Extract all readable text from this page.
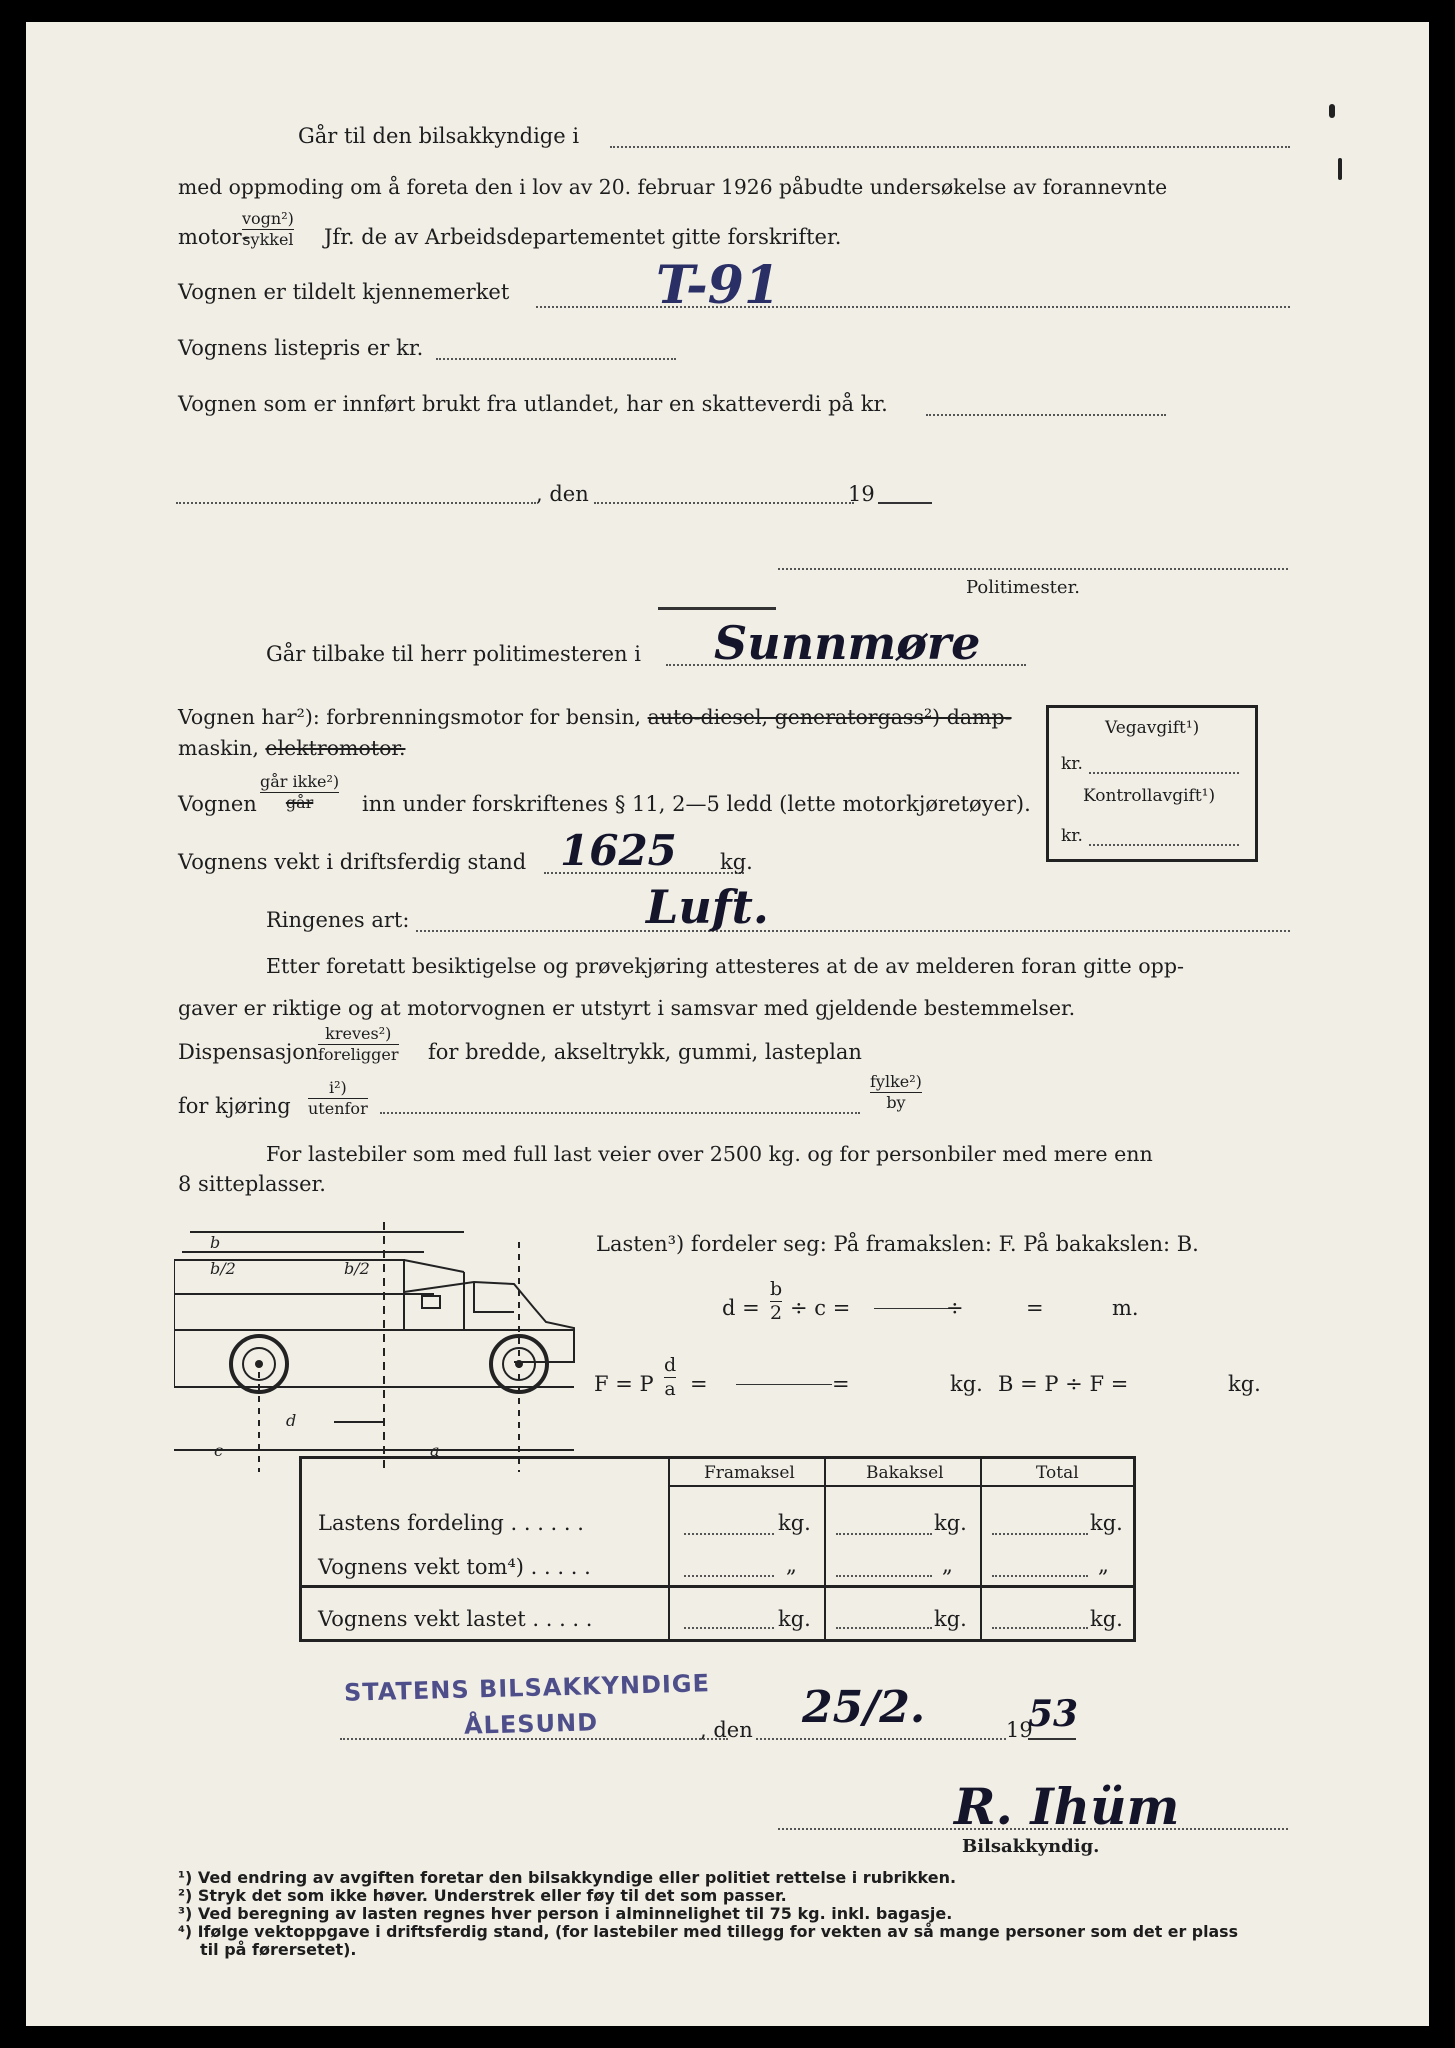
Går til den bilsakkyndige i
med oppmoding om å foreta den i lov av 20. februar 1926 påbudte undersøkelse av forannevnte
motor-
vogn²)
sykkel Jfr. de av Arbeidsdepartementet gitte forskrifter.
Vognen er tildelt kjennemerket	T-91
Vognens listepris er kr.
Vognen som er innført brukt fra utlandet, har en skatteverdi på kr.
, den	19
Politimester.
Går tilbake til herr politimesteren i Sunnmøre
Vognen har²): forbrenningsmotor for bensin, auto-diesel, generatorgass²) damp-
maskin, elektromotor.
Vognen
går ikke²)
går	inn under forskriftenes § 11, 2—5 ledd (lette motorkjøretøyer).
Vognens vekt i driftsferdig stand 1625 kg.
Ringenes art:	Luft.
Etter foretatt besiktigelse og prøvekjøring attesteres at de av melderen foran gitte opp-
gaver er riktige og at motorvognen er utstyrt i samsvar med gjeldende bestemmelser.
Dispensasjon
kreves²)
foreligger for bredde, akseltrykk, gummi, lasteplan
for kjøring
i²)
utenfor
fylke²)
by
For lastebiler som med full last veier over 2500 kg. og for personbiler med mere enn
8 sitteplasser.
b
b/2	b/2
c
d
a
Lasten³) fordeler seg: På framakslen: F. På bakakslen: B.
$d = \frac{b}{2} \div c$ =	÷	=	m.
F = P $\frac{d}{a}$ =	=	kg. B = P ÷ F =	kg.
Vegavgift¹)
kr.
Kontrollavgift¹)
kr.
Framaksel	Bakaksel	Total
Lastens fordeling . . . . . .	kg.	kg.	kg.
Vognens vekt tom⁴) . . . . .	„	„	„
Vognens vekt lastet . . . . .	kg.	kg.	kg.
STATENS BILSAKKYNDIGE
ÅLESUND	, den 25/2.	19
53
R. Ihüm
Bilsakkyndig.
¹) Ved endring av avgiften foretar den bilsakkyndige eller politiet rettelse i rubrikken.
²) Stryk det som ikke høver. Understrek eller føy til det som passer.
³) Ved beregning av lasten regnes hver person i alminnelighet til 75 kg. inkl. bagasje.
⁴) Ifølge vektoppgave i driftsferdig stand, (for lastebiler med tillegg for vekten av så mange personer som det er plass
til på førersetet).
